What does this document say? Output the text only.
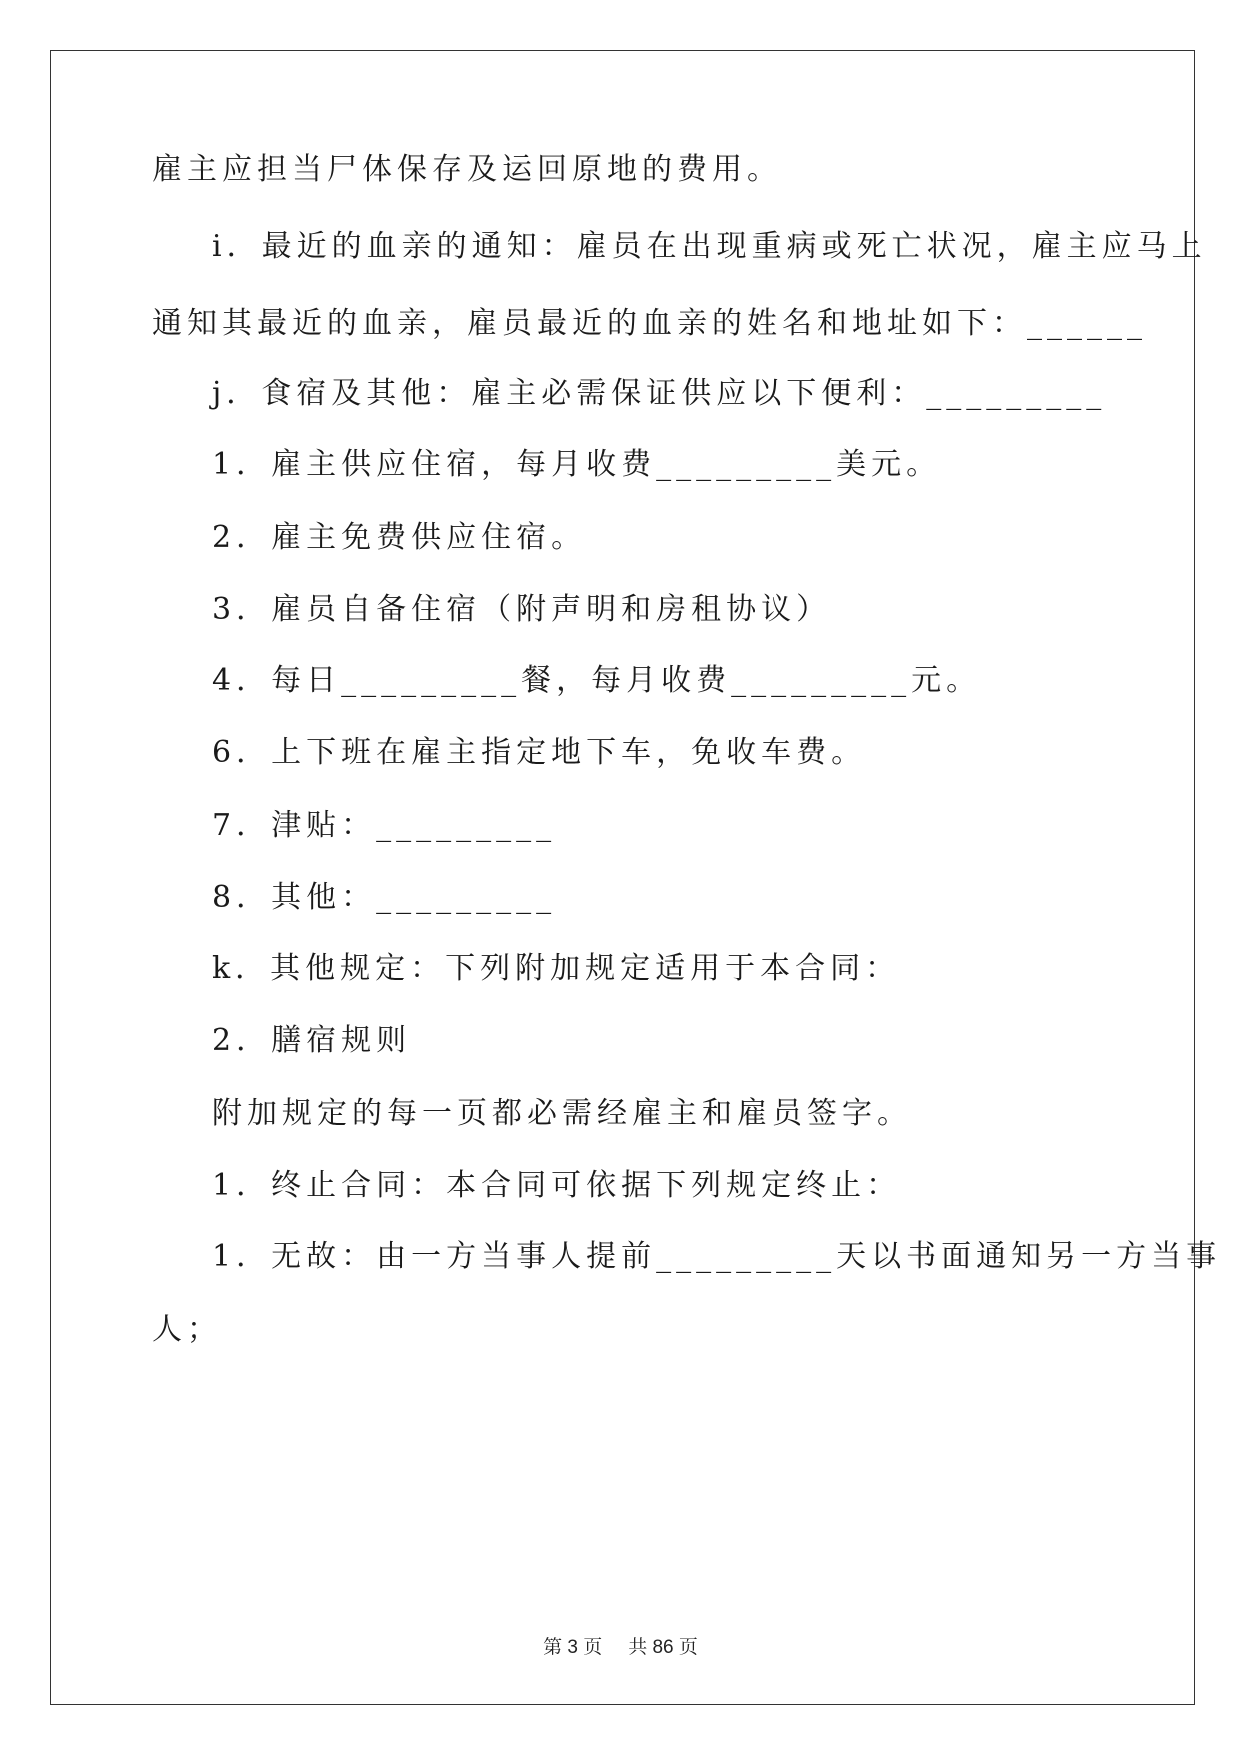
雇主应担当尸体保存及运回原地的费用。
i．最近的血亲的通知：雇员在出现重病或死亡状况，雇主应马上
通知其最近的血亲，雇员最近的血亲的姓名和地址如下：______
j．食宿及其他：雇主必需保证供应以下便利：_________
1．雇主供应住宿，每月收费_________美元。
2．雇主免费供应住宿。
3．雇员自备住宿（附声明和房租协议）
4．每日_________餐，每月收费_________元。
6．上下班在雇主指定地下车，免收车费。
7．津贴：_________
8．其他：_________
k．其他规定：下列附加规定适用于本合同：
2．膳宿规则
附加规定的每一页都必需经雇主和雇员签字。
1．终止合同：本合同可依据下列规定终止：
1．无故：由一方当事人提前_________天以书面通知另一方当事
人；
第 3 页 共 86 页
